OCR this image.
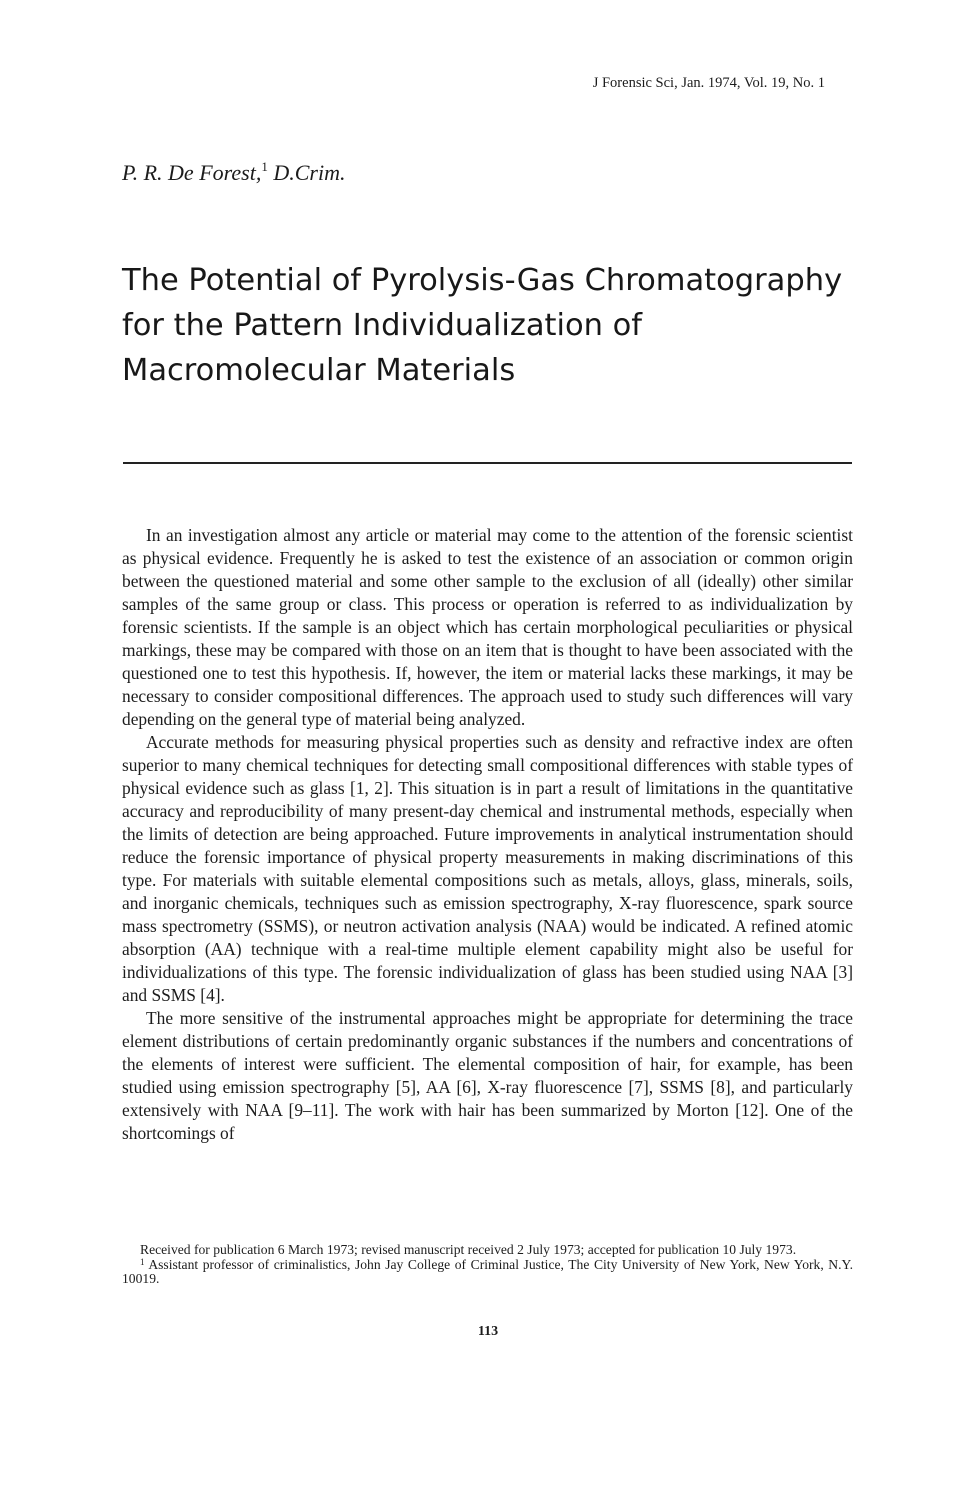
J Forensic Sci, Jan. 1974, Vol. 19, No. 1
P. R. De Forest,$^1$ D.Crim.
The Potential of Pyrolysis-Gas Chromatography
for the Pattern Individualization of
Macromolecular Materials

In an investigation almost any article or material may come to the attention of the forensic scientist as physical evidence. Frequently he is asked to test the existence of an association or common origin between the questioned material and some other sample to the exclusion of all (ideally) other similar samples of the same group or class. This process or operation is referred to as individualization by forensic scientists. If the sample is an object which has certain morphological peculiarities or physical markings, these may be compared with those on an item that is thought to have been associated with the questioned one to test this hypothesis. If, however, the item or material lacks these markings, it may be necessary to consider compositional differences. The approach used to study such differences will vary depending on the general type of material being analyzed.

Accurate methods for measuring physical properties such as density and refractive index are often superior to many chemical techniques for detecting small compositional differences with stable types of physical evidence such as glass [1, 2]. This situation is in part a result of limitations in the quantitative accuracy and reproducibility of many present-day chemical and instrumental methods, especially when the limits of detection are being approached. Future improvements in analytical instrumentation should reduce the forensic importance of physical property measurements in making discriminations of this type. For materials with suitable elemental compositions such as metals, alloys, glass, minerals, soils, and inorganic chemicals, techniques such as emission spectrography, X-ray fluorescence, spark source mass spectrometry (SSMS), or neutron activation analysis (NAA) would be indicated. A refined atomic absorption (AA) technique with a real-time multiple element capability might also be useful for individualizations of this type. The forensic individualization of glass has been studied using NAA [3] and SSMS [4].

The more sensitive of the instrumental approaches might be appropriate for determining the trace element distributions of certain predominantly organic substances if the numbers and concentrations of the elements of interest were sufficient. The elemental composition of hair, for example, has been studied using emission spectrography [5], AA [6], X-ray fluorescence [7], SSMS [8], and particularly extensively with NAA [9–11]. The work with hair has been summarized by Morton [12]. One of the shortcomings of

Received for publication 6 March 1973; revised manuscript received 2 July 1973; accepted for publication 10 July 1973.

$^1$ Assistant professor of criminalistics, John Jay College of Criminal Justice, The City University of New York, New York, N.Y. 10019.

113
